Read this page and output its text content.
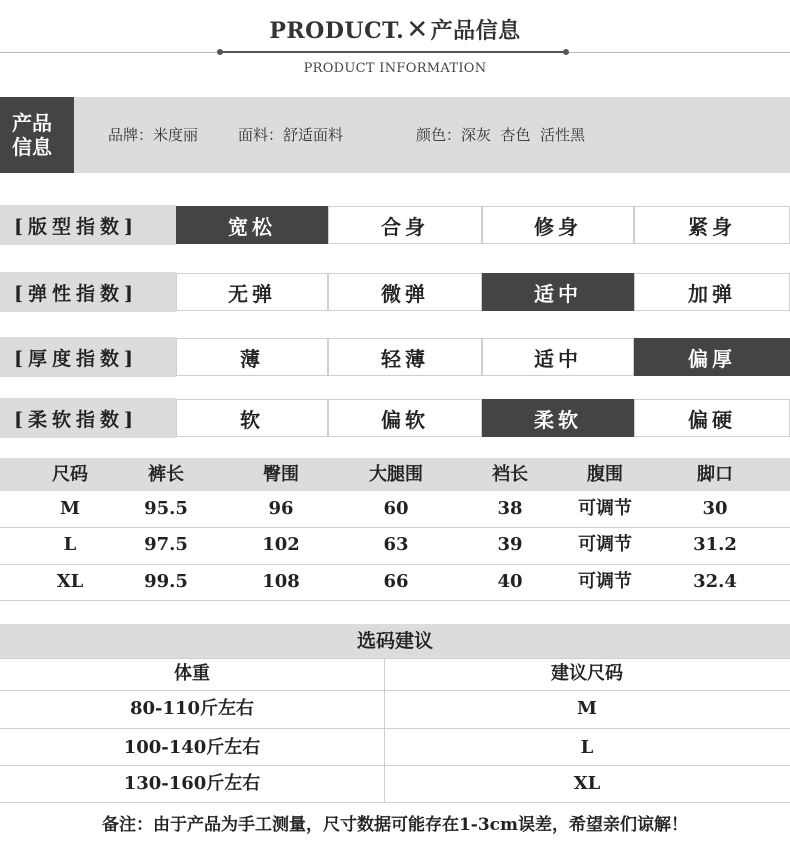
PRODUCT.✕产品信息
PRODUCT INFORMATION
产品
信息	品牌：米度丽	面料：舒适面料	颜色：深灰  杏色  活性黑
[版型指数]	宽松	合身	修身	紧身
[弹性指数]	无弹	微弹	适中	加弹
[厚度指数]	薄	轻薄	适中	偏厚
[柔软指数]	软	偏软	柔软	偏硬
尺码	裤长	臀围	大腿围	裆长	腹围	脚口
M	95.5	96	60	38	可调节	30
L	97.5	102	63	39	可调节	31.2
XL	99.5	108	66	40	可调节	32.4
选码建议
体重	建议尺码
80-110斤左右	M
100-140斤左右	L
130-160斤左右	XL
备注：由于产品为手工测量，尺寸数据可能存在1-3cm误差，希望亲们谅解！
